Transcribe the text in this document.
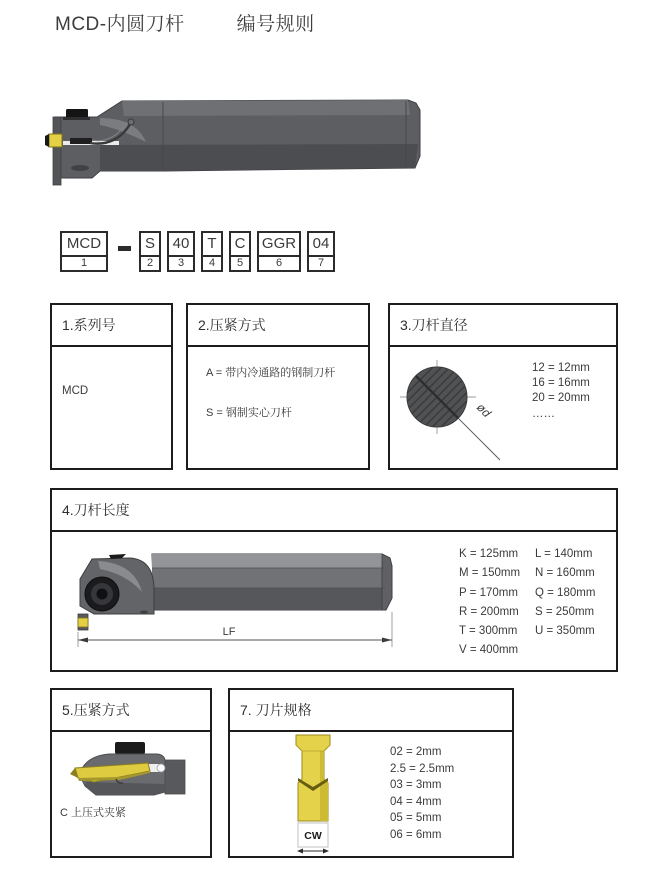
MCD-内圆刀杆	编号规则
MCD
1
S
2
40
3
T
4
C
5
GGR
6
04
7
1.系列号
MCD
2.压紧方式
A = 带内冷通路的钢制刀杆
S = 钢制实心刀杆
3.刀杆直径
ød
12 = 12mm
16 = 16mm
20 = 20mm
……
4.刀杆长度
LF
K = 125mm	L = 140mm
M = 150mm	N = 160mm
P = 170mm	Q = 180mm
R = 200mm	S = 250mm
T = 300mm	U = 350mm
V = 400mm
5.压紧方式
C 上压式夹紧
7. 刀片规格
CW
02 = 2mm
2.5 = 2.5mm
03 = 3mm
04 = 4mm
05 = 5mm
06 = 6mm
